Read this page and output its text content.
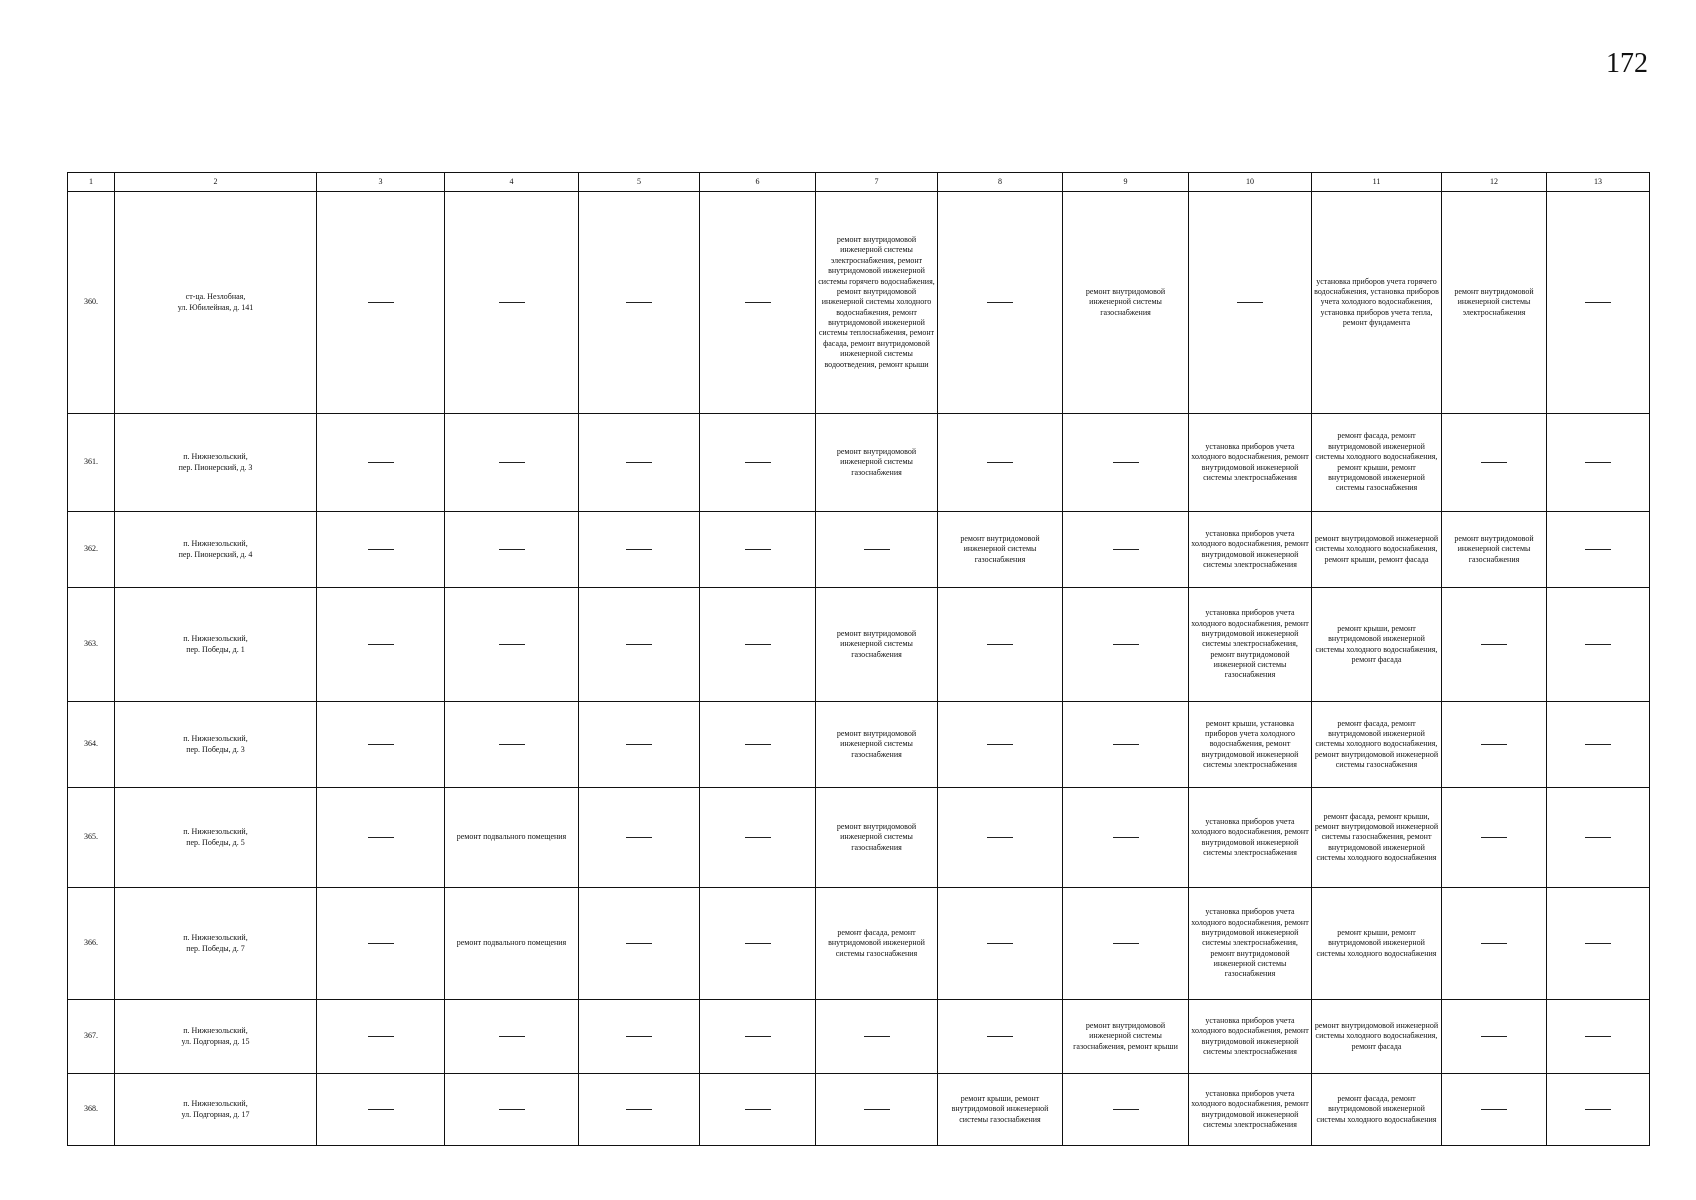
172
1	2	3	4	5	6	7	8	9	10	11	12	13
360.	ст-ца. Незлобная,
ул. Юбилейная, д. 141					ремонт внутридомовой инженерной системы электроснабжения, ремонт внутридомовой инженерной системы горячего водоснабжения, ремонт внутридомовой инженерной системы холодного водоснабжения, ремонт внутридомовой инженерной системы теплоснабжения, ремонт фасада, ремонт внутридомовой инженерной системы водоотведения, ремонт крыши		ремонт внутридомовой инженерной системы газоснабжения		установка приборов учета горячего водоснабжения, установка приборов учета холодного водоснабжения, установка приборов учета тепла, ремонт фундамента	ремонт внутридомовой инженерной системы электроснабжения	
361.	п. Нижнезольский,
пер. Пионерский, д. 3					ремонт внутридомовой инженерной системы газоснабжения			установка приборов учета холодного водоснабжения, ремонт внутридомовой инженерной системы электроснабжения	ремонт фасада, ремонт внутридомовой инженерной системы холодного водоснабжения, ремонт крыши, ремонт внутридомовой инженерной системы газоснабжения		
362.	п. Нижнезольский,
пер. Пионерский, д. 4						ремонт внутридомовой инженерной системы газоснабжения		установка приборов учета холодного водоснабжения, ремонт внутридомовой инженерной системы электроснабжения	ремонт внутридомовой инженерной системы холодного водоснабжения, ремонт крыши, ремонт фасада	ремонт внутридомовой инженерной системы газоснабжения	
363.	п. Нижнезольский,
пер. Победы, д. 1					ремонт внутридомовой инженерной системы газоснабжения			установка приборов учета холодного водоснабжения, ремонт внутридомовой инженерной системы электроснабжения, ремонт внутридомовой инженерной системы газоснабжения	ремонт крыши, ремонт внутридомовой инженерной системы холодного водоснабжения, ремонт фасада		
364.	п. Нижнезольский,
пер. Победы, д. 3					ремонт внутридомовой инженерной системы газоснабжения			ремонт крыши, установка приборов учета холодного водоснабжения, ремонт внутридомовой инженерной системы электроснабжения	ремонт фасада, ремонт внутридомовой инженерной системы холодного водоснабжения, ремонт внутридомовой инженерной системы газоснабжения		
365.	п. Нижнезольский,
пер. Победы, д. 5		ремонт подвального помещения			ремонт внутридомовой инженерной системы газоснабжения			установка приборов учета холодного водоснабжения, ремонт внутридомовой инженерной системы электроснабжения	ремонт фасада, ремонт крыши, ремонт внутридомовой инженерной системы газоснабжения, ремонт внутридомовой инженерной системы холодного водоснабжения		
366.	п. Нижнезольский,
пер. Победы, д. 7		ремонт подвального помещения			ремонт фасада, ремонт внутридомовой инженерной системы газоснабжения			установка приборов учета холодного водоснабжения, ремонт внутридомовой инженерной системы электроснабжения, ремонт внутридомовой инженерной системы газоснабжения	ремонт крыши, ремонт внутридомовой инженерной системы холодного водоснабжения		
367.	п. Нижнезольский,
ул. Подгорная, д. 15							ремонт внутридомовой инженерной системы газоснабжения, ремонт крыши	установка приборов учета холодного водоснабжения, ремонт внутридомовой инженерной системы электроснабжения	ремонт внутридомовой инженерной системы холодного водоснабжения, ремонт фасада		
368.	п. Нижнезольский,
ул. Подгорная, д. 17						ремонт крыши, ремонт внутридомовой инженерной системы газоснабжения		установка приборов учета холодного водоснабжения, ремонт внутридомовой инженерной системы электроснабжения	ремонт фасада, ремонт внутридомовой инженерной системы холодного водоснабжения		
